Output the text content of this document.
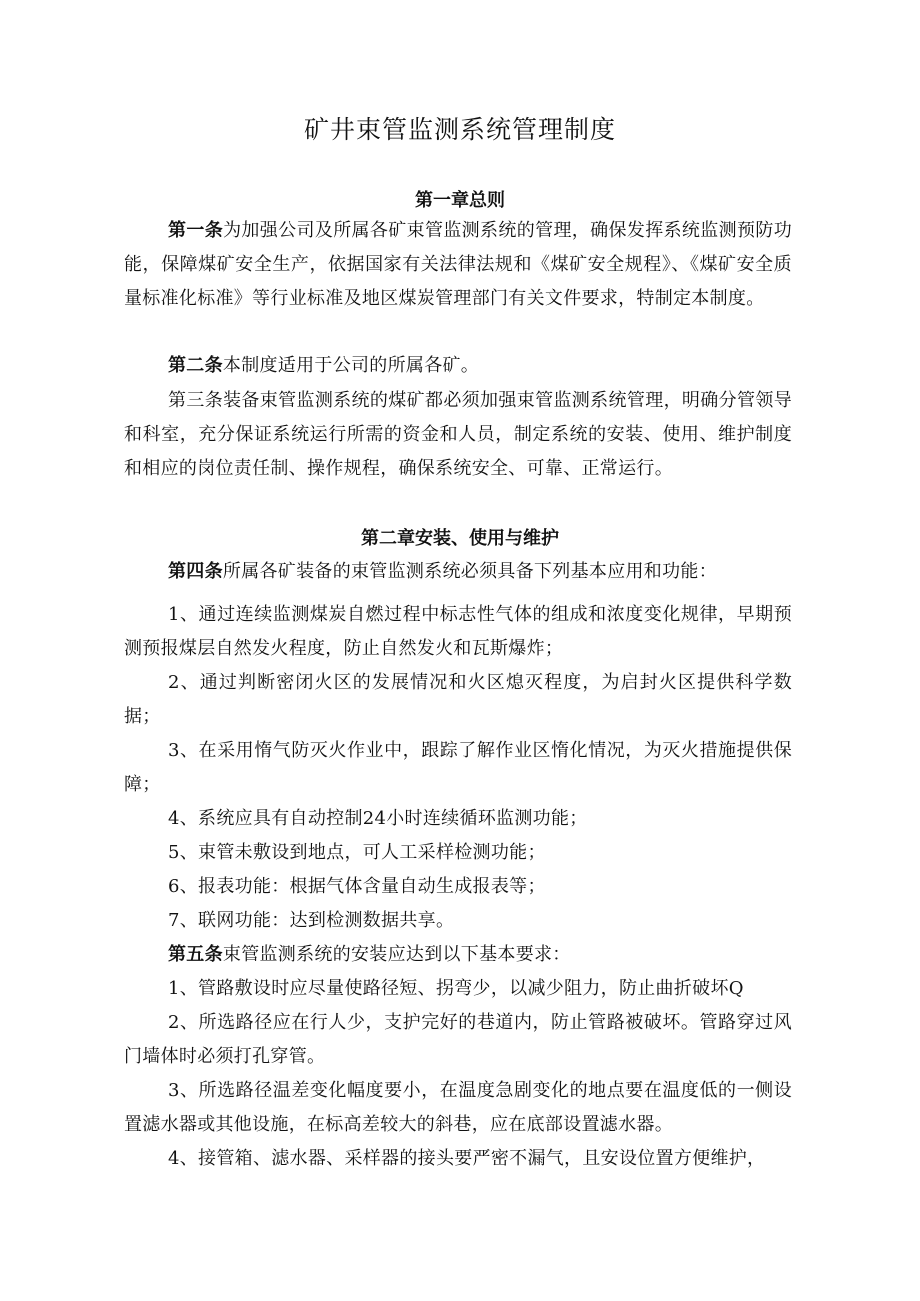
矿井束管监测系统管理制度
第一章总则

第一条为加强公司及所属各矿束管监测系统的管理，确保发挥系统监测预防功能，保障煤矿安全生产，依据国家有关法律法规和《煤矿安全规程》、《煤矿安全质量标准化标准》等行业标准及地区煤炭管理部门有关文件要求，特制定本制度。

第二条本制度适用于公司的所属各矿。

第三条装备束管监测系统的煤矿都必须加强束管监测系统管理，明确分管领导和科室，充分保证系统运行所需的资金和人员，制定系统的安装、使用、维护制度和相应的岗位责任制、操作规程，确保系统安全、可靠、正常运行。

第二章安装、使用与维护

第四条所属各矿装备的束管监测系统必须具备下列基本应用和功能：

1、通过连续监测煤炭自燃过程中标志性气体的组成和浓度变化规律，早期预测预报煤层自然发火程度，防止自然发火和瓦斯爆炸；

2、通过判断密闭火区的发展情况和火区熄灭程度，为启封火区提供科学数据；

3、在采用惰气防灭火作业中，跟踪了解作业区惰化情况，为灭火措施提供保障；

4、系统应具有自动控制24小时连续循环监测功能；

5、束管未敷设到地点，可人工采样检测功能；

6、报表功能：根据气体含量自动生成报表等；

7、联网功能：达到检测数据共享。

第五条束管监测系统的安装应达到以下基本要求：

1、管路敷设时应尽量使路径短、拐弯少，以减少阻力，防止曲折破坏Q

2、所选路径应在行人少，支护完好的巷道内，防止管路被破坏。管路穿过风门墙体时必须打孔穿管。

3、所选路径温差变化幅度要小，在温度急剧变化的地点要在温度低的一侧设置滤水器或其他设施，在标高差较大的斜巷，应在底部设置滤水器。

4、接管箱、滤水器、采样器的接头要严密不漏气，且安设位置方便维护，
